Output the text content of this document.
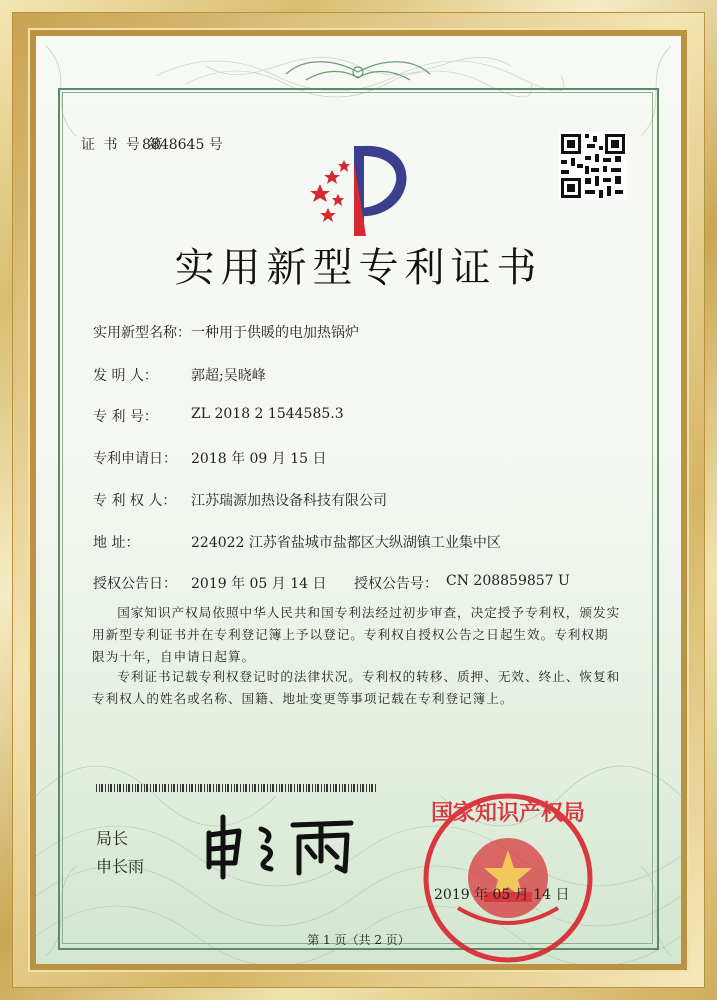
证 书 号 第
8848645 号
实用新型专利证书
实用新型名称： 一种用于供暖的电加热锅炉
发 明 人： 郭超;吴晓峰
专 利 号： ZL 2018 2 1544585.3
专利申请日： 2018 年 09 月 15 日
专 利 权 人： 江苏瑞源加热设备科技有限公司
地 址：	224022 江苏省盐城市盐都区大纵湖镇工业集中区
授权公告日： 2019 年 05 月 14 日 授权公告号： CN 208859857 U
国家知识产权局依照中华人民共和国专利法经过初步审查，决定授予专利权，颁发实用新型专利证书并在专利登记簿上予以登记。专利权自授权公告之日起生效。专利权期限为十年，自申请日起算。
专利证书记载专利权登记时的法律状况。专利权的转移、质押、无效、终止、恢复和专利权人的姓名或名称、国籍、地址变更等事项记载在专利登记簿上。
局长
申长雨
国家知识产权局
2019 年 05 月 14 日
第 1 页（共 2 页）
